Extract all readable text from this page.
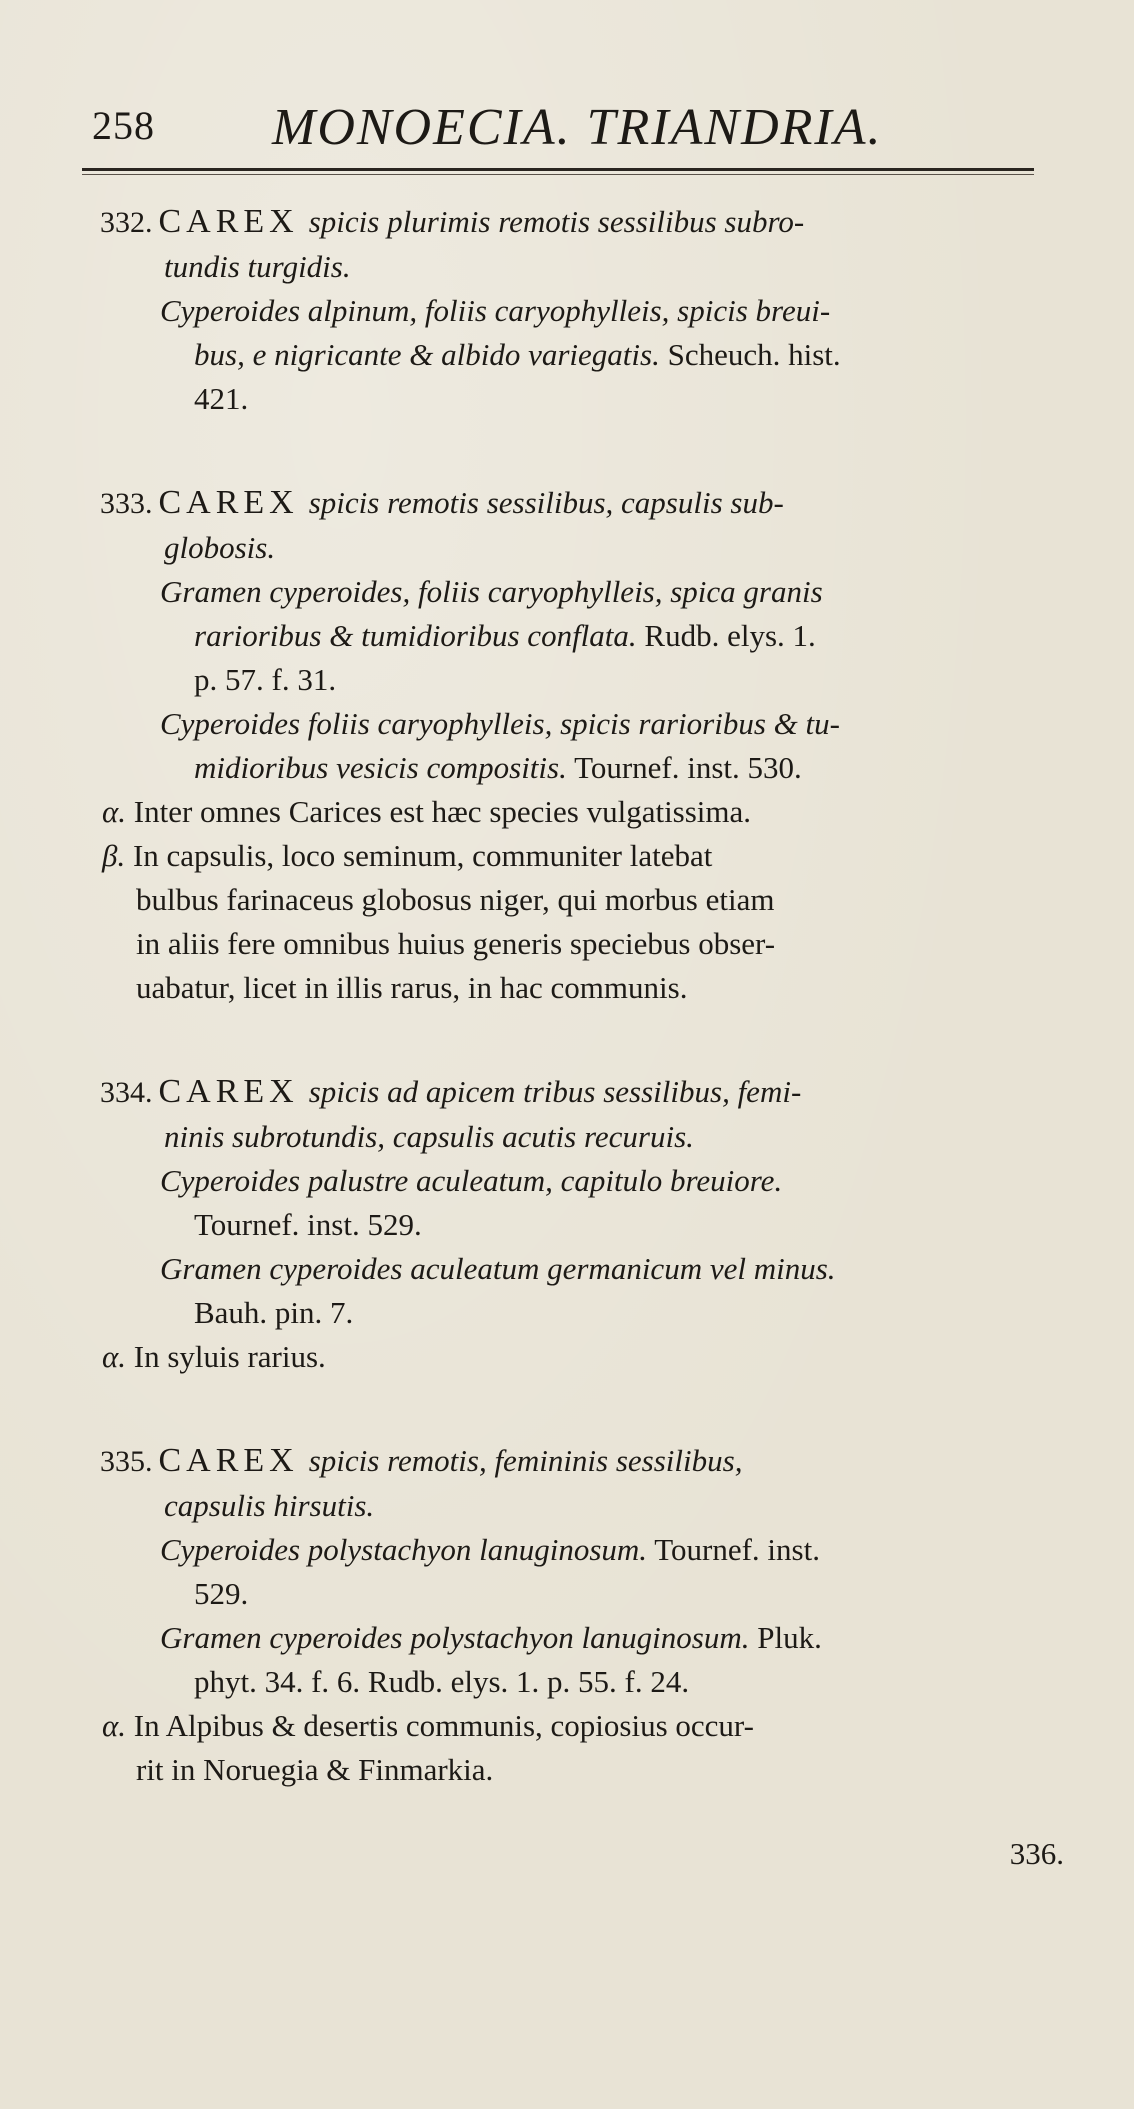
258 MONOECIA. TRIANDRIA.

332. CAREX spicis plurimis remotis sessilibus subro-

tundis turgidis.

Cyperoides alpinum, foliis caryophylleis, spicis breui-

bus, e nigricante & albido variegatis. Scheuch. hist.

421.

333. CAREX spicis remotis sessilibus, capsulis sub-

globosis.

Gramen cyperoides, foliis caryophylleis, spica granis

rarioribus & tumidioribus conflata. Rudb. elys. 1.

p. 57. f. 31.

Cyperoides foliis caryophylleis, spicis rarioribus & tu-

midioribus vesicis compositis. Tournef. inst. 530.

α. Inter omnes Carices est hæc species vulgatissima.

β. In capsulis, loco seminum, communiter latebat

bulbus farinaceus globosus niger, qui morbus etiam

in aliis fere omnibus huius generis speciebus obser-

uabatur, licet in illis rarus, in hac communis.

334. CAREX spicis ad apicem tribus sessilibus, femi-

ninis subrotundis, capsulis acutis recuruis.

Cyperoides palustre aculeatum, capitulo breuiore.

Tournef. inst. 529.

Gramen cyperoides aculeatum germanicum vel minus.

Bauh. pin. 7.

α. In syluis rarius.

335. CAREX spicis remotis, femininis sessilibus,

capsulis hirsutis.

Cyperoides polystachyon lanuginosum. Tournef. inst.

529.

Gramen cyperoides polystachyon lanuginosum. Pluk.

phyt. 34. f. 6. Rudb. elys. 1. p. 55. f. 24.

α. In Alpibus & desertis communis, copiosius occur-

rit in Noruegia & Finmarkia.

336.
